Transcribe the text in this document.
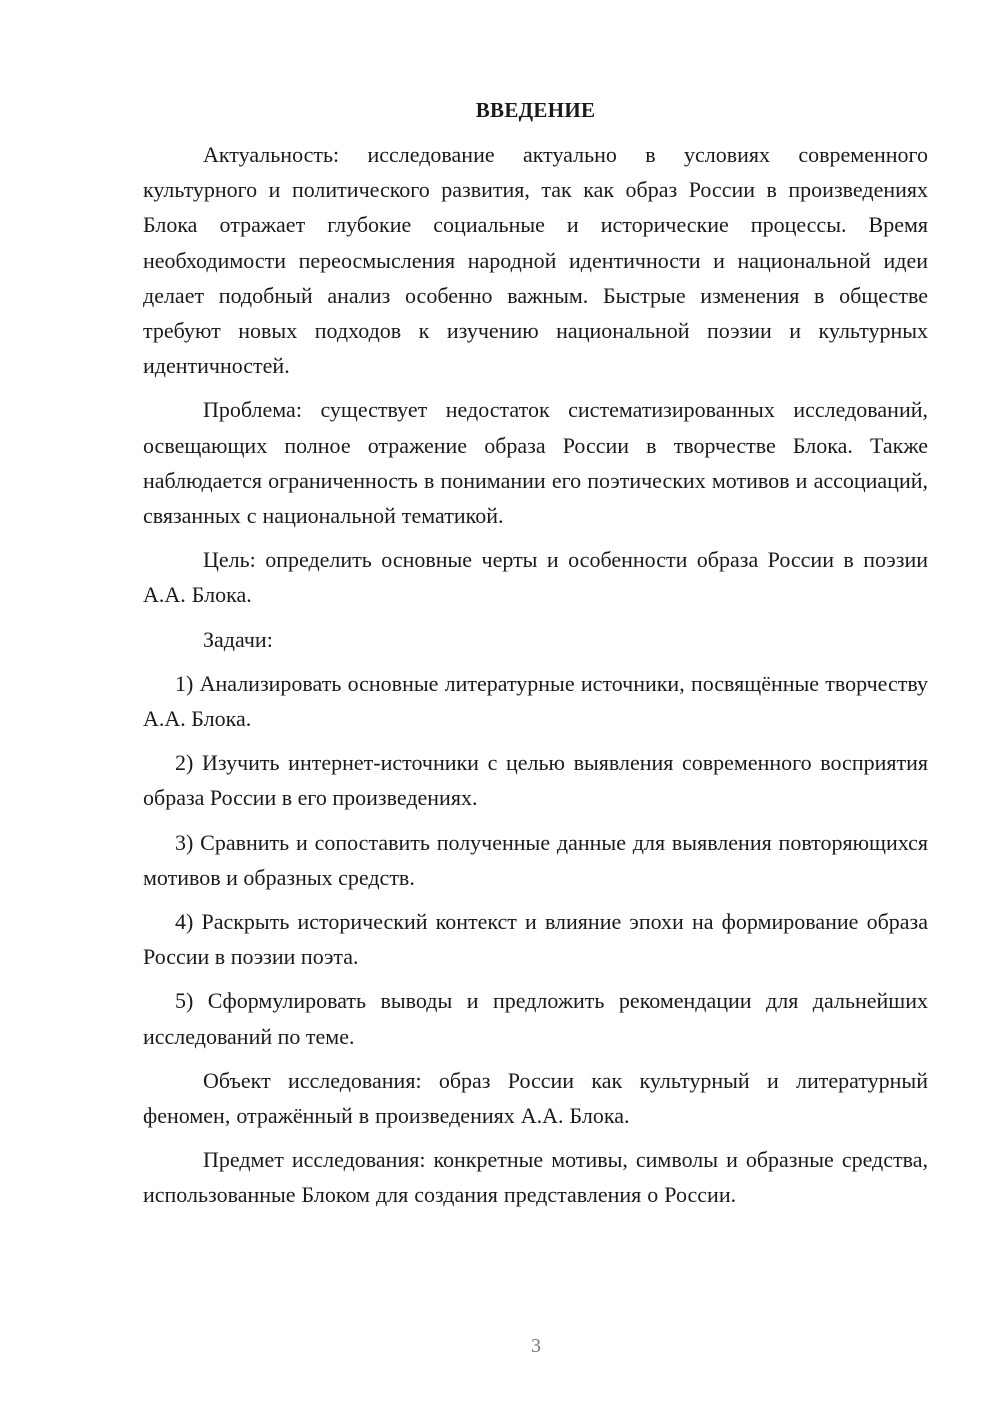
ВВЕДЕНИЕ

Актуальность: исследование актуально в условиях современного культурного и политического развития, так как образ России в произведениях Блока отражает глубокие социальные и исторические процессы. Время необходимости переосмысления народной идентичности и национальной идеи делает подобный анализ особенно важным. Быстрые изменения в обществе требуют новых подходов к изучению национальной поэзии и культурных идентичностей.

Проблема: существует недостаток систематизированных исследований, освещающих полное отражение образа России в творчестве Блока. Также наблюдается ограниченность в понимании его поэтических мотивов и ассоциаций, связанных с национальной тематикой.

Цель: определить основные черты и особенности образа России в поэзии А.А. Блока.

Задачи:

1) Анализировать основные литературные источники, посвящённые творчеству А.А. Блока.

2) Изучить интернет-источники с целью выявления современного восприятия образа России в его произведениях.

3) Сравнить и сопоставить полученные данные для выявления повторяющихся мотивов и образных средств.

4) Раскрыть исторический контекст и влияние эпохи на формирование образа России в поэзии поэта.

5) Сформулировать выводы и предложить рекомендации для дальнейших исследований по теме.

Объект исследования: образ России как культурный и литературный феномен, отражённый в произведениях А.А. Блока.

Предмет исследования: конкретные мотивы, символы и образные средства, использованные Блоком для создания представления о России.

3
